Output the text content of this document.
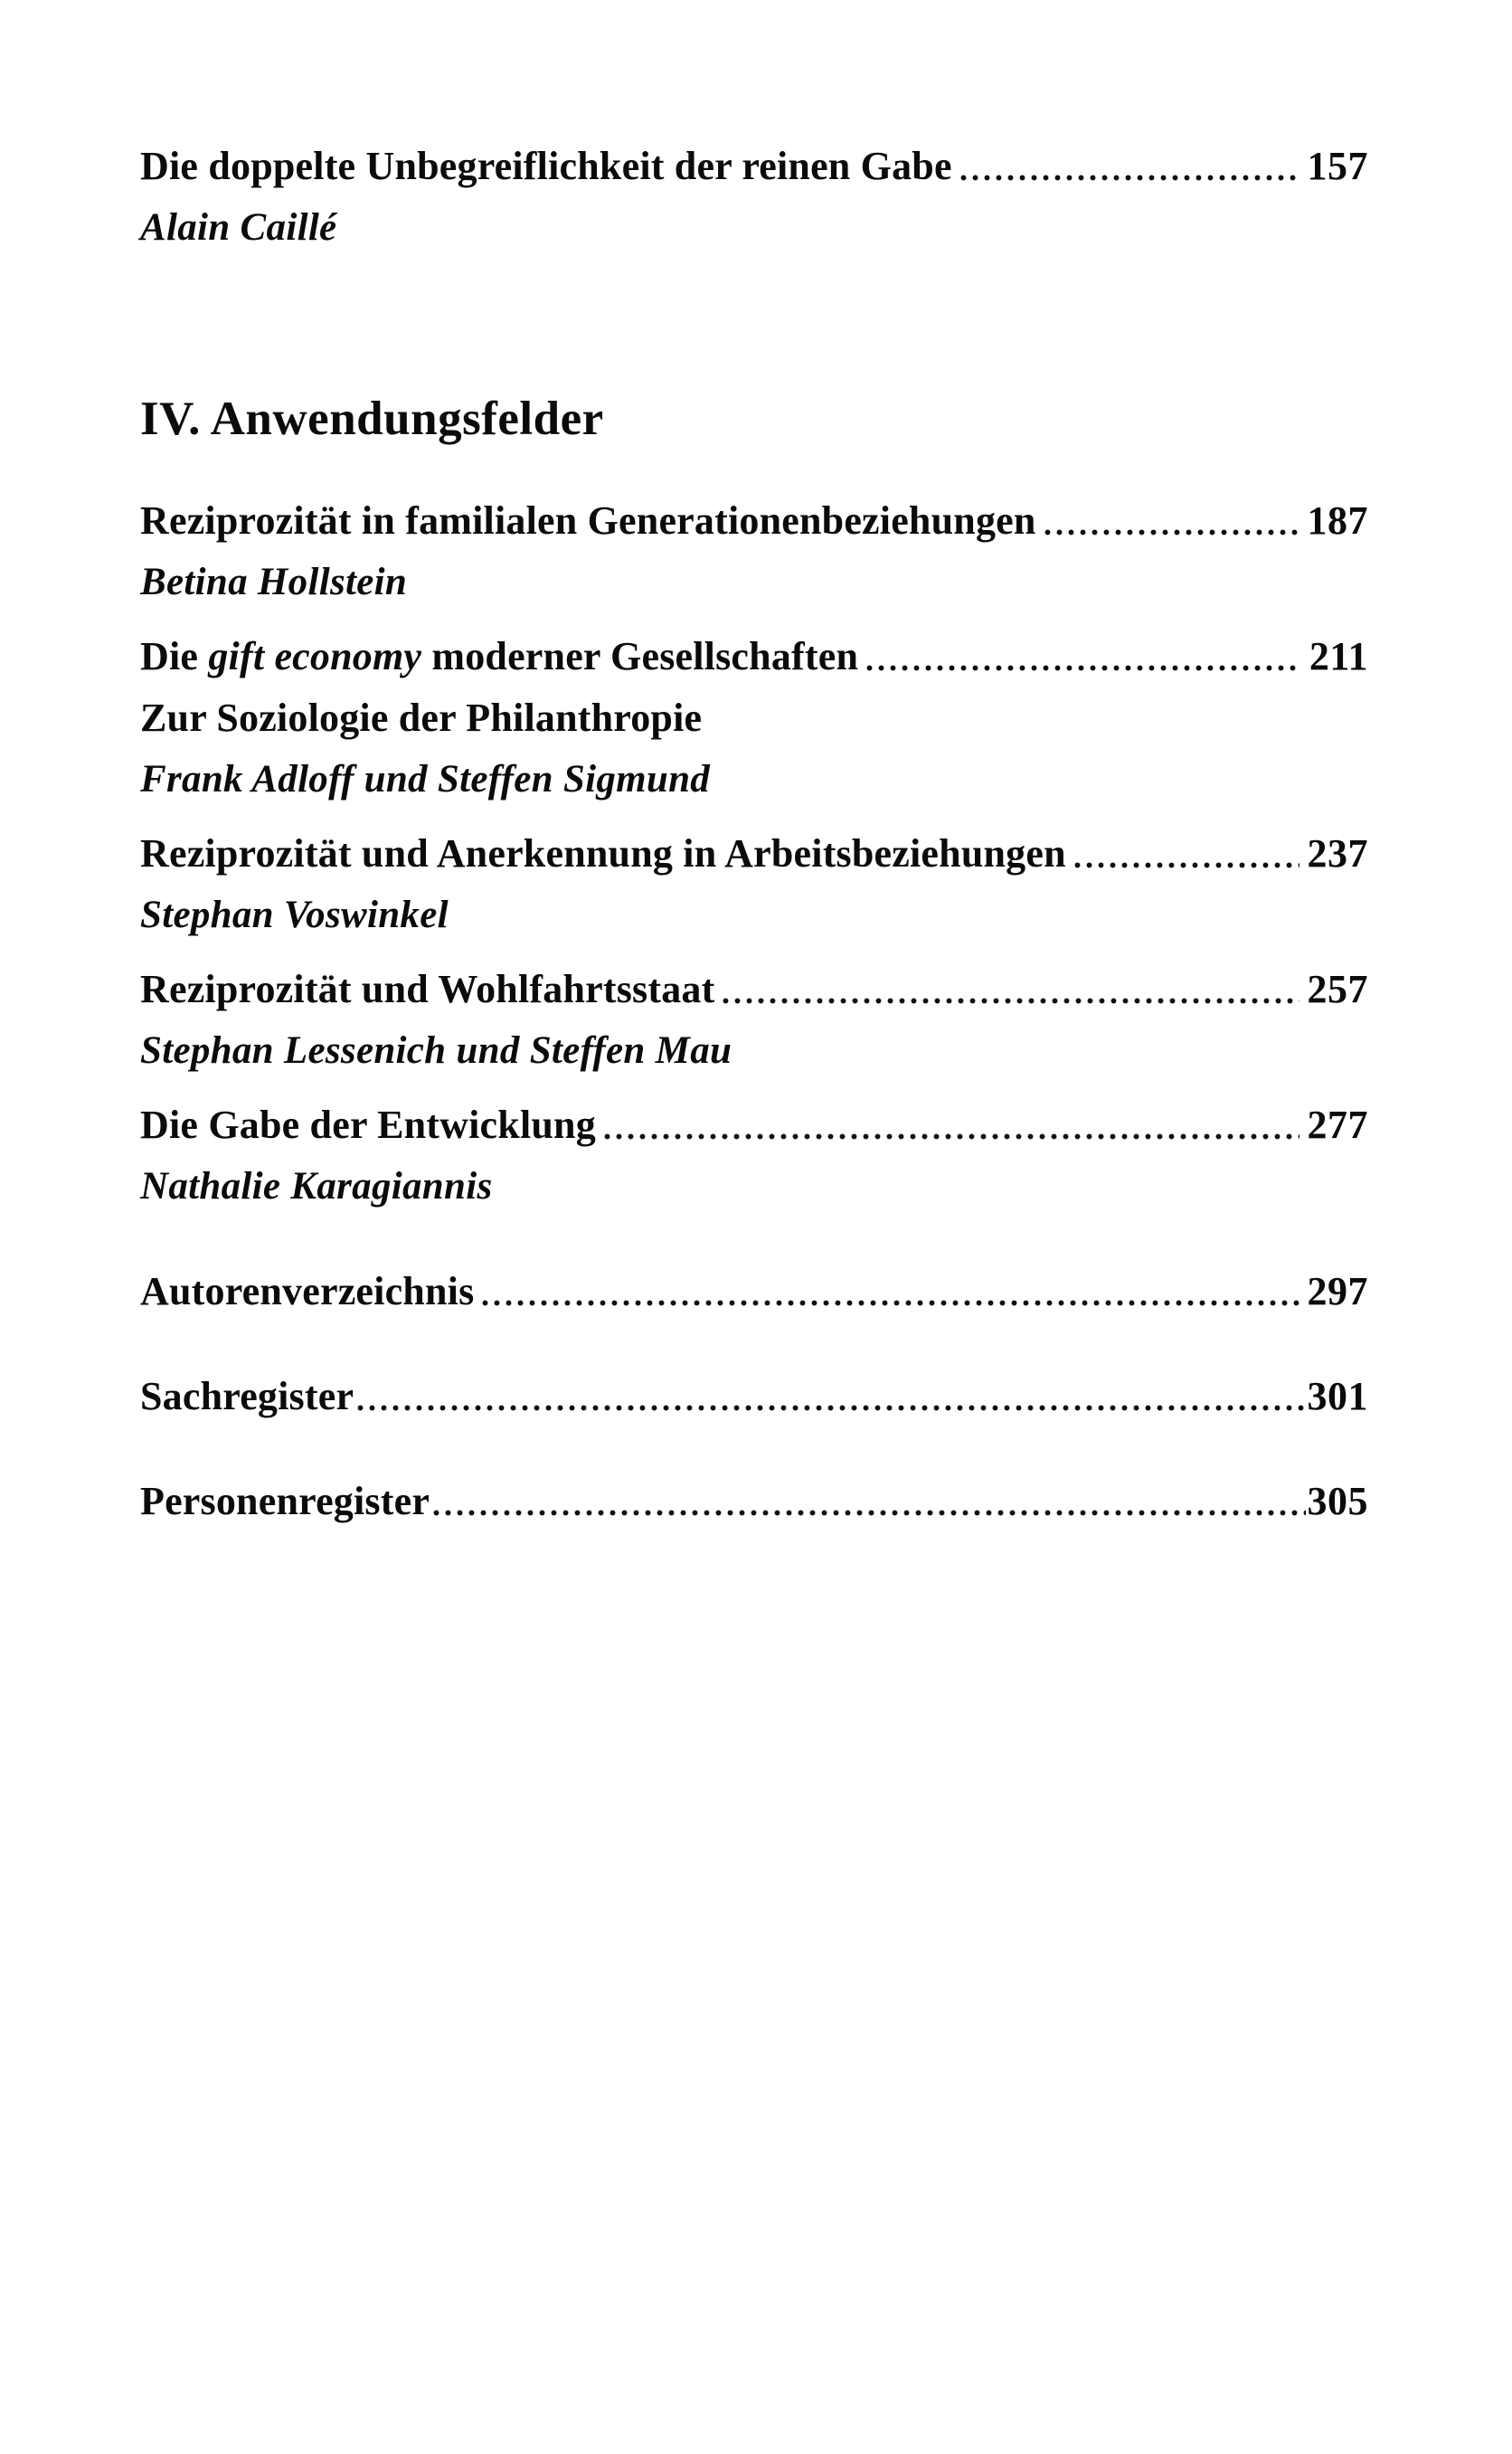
Die doppelte Unbegreiflichkeit der reinen Gabe	157
Alain Caillé
IV. Anwendungsfelder
Reziprozität in familialen Generationenbeziehungen	187
Betina Hollstein
Die gift economy moderner Gesellschaften	211
Zur Soziologie der Philanthropie
Frank Adloff und Steffen Sigmund
Reziprozität und Anerkennung in Arbeitsbeziehungen	237
Stephan Voswinkel
Reziprozität und Wohlfahrtsstaat	257
Stephan Lessenich und Steffen Mau
Die Gabe der Entwicklung	277
Nathalie Karagiannis
Autorenverzeichnis	297
Sachregister	301
Personenregister	305
